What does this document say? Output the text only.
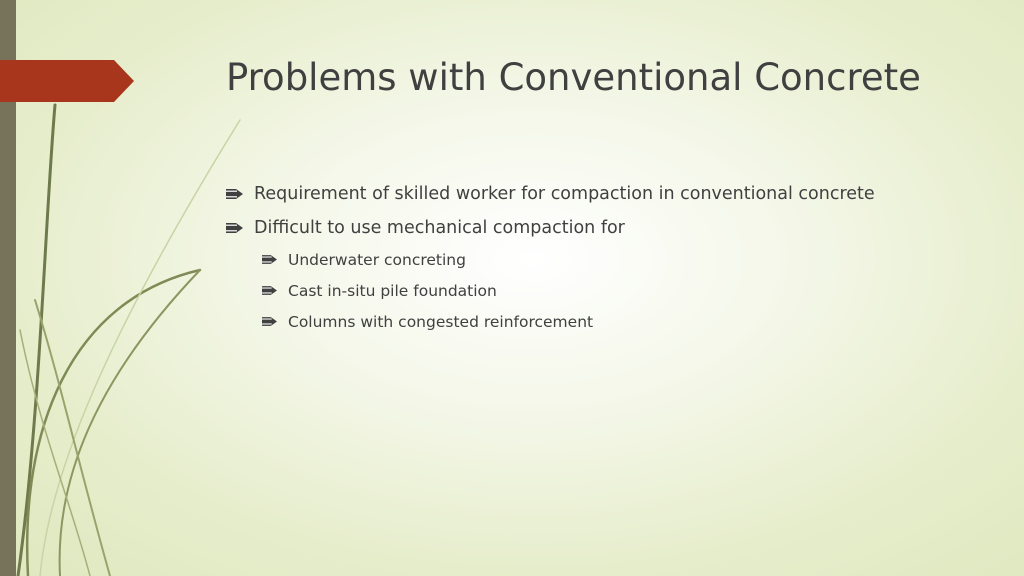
Problems with Conventional Concrete
Requirement of skilled worker for compaction in conventional concrete
Difficult to use mechanical compaction for
Underwater concreting
Cast in-situ pile foundation
Columns with congested reinforcement
